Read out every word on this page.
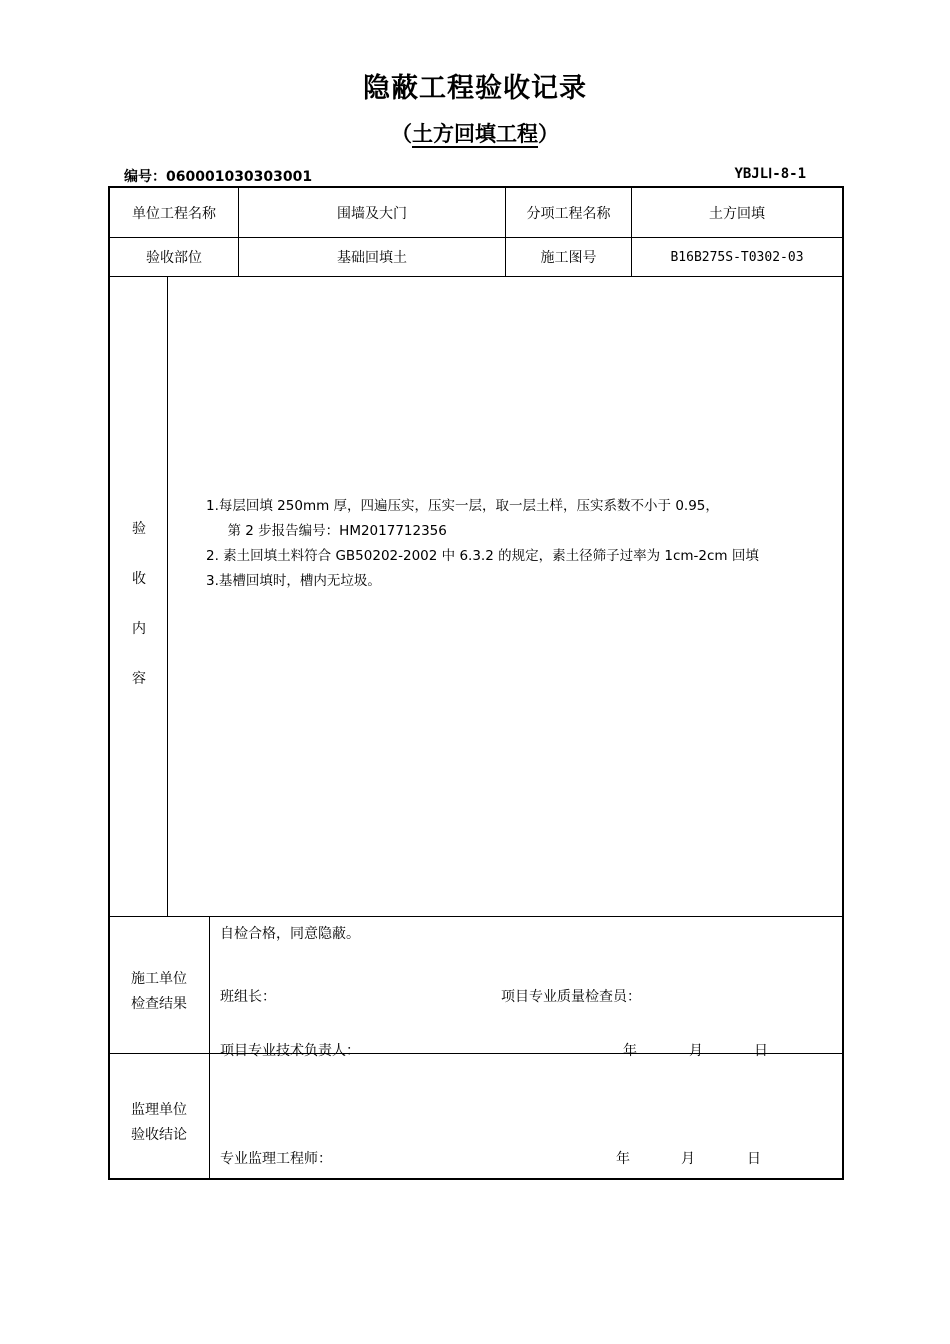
隐蔽工程验收记录
（土方回填工程）
编号：060001030303001	YBJLⅠ-8-1
单位工程名称	围墙及大门	分项工程名称	土方回填
验收部位	基础回填土	施工图号	B16B275S-T0302-03
验
收
内
容
1.每层回填 250mm 厚，四遍压实，压实一层，取一层土样，压实系数不小于 0.95，
　第 2 步报告编号：HM2017712356
2. 素土回填土料符合 GB50202-2002 中 6.3.2 的规定，素土径筛子过率为 1cm-2cm 回填
3.基槽回填时，槽内无垃圾。
施工单位
检查结果
自检合格，同意隐蔽。
班组长：	项目专业质量检查员：
项目专业技术负责人：	年	月	日
监理单位
验收结论
专业监理工程师：	年	月	日
